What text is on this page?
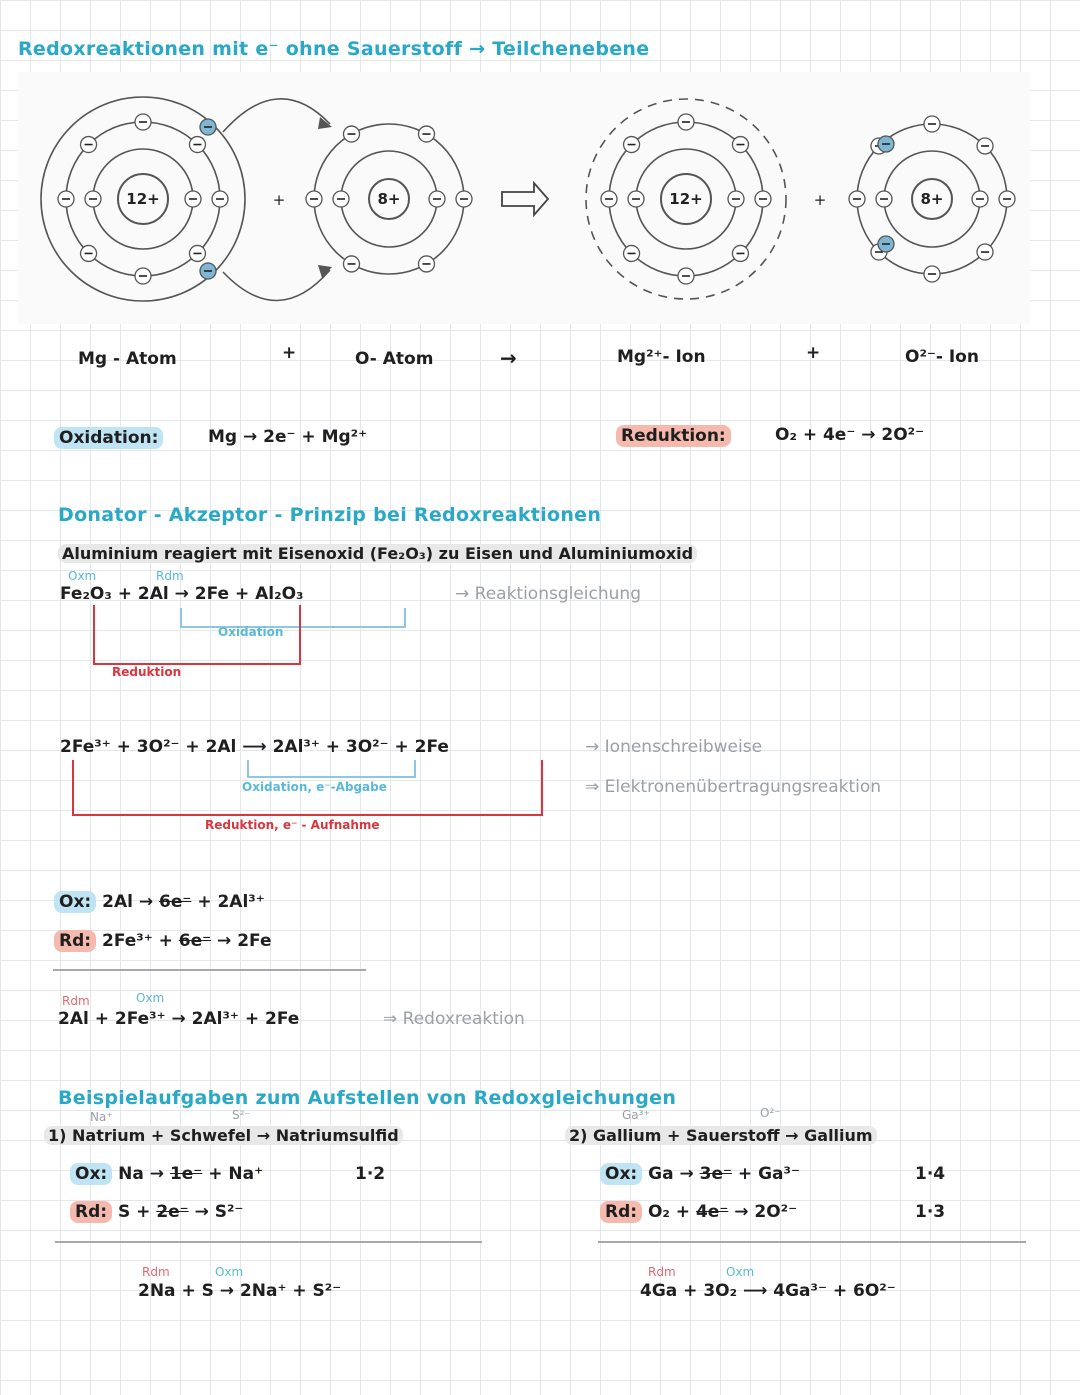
Redoxreaktionen mit e⁻ ohne Sauerstoff → Teilchenebene
12+	8+	12+	8+
+	+
Mg - Atom	+	O- Atom	→	Mg²⁺- Ion	+	O²⁻- Ion
Oxidation:	Mg → 2e⁻ + Mg²⁺	Reduktion:	O₂ + 4e⁻ → 2O²⁻
Donator - Akzeptor - Prinzip bei Redoxreaktionen
Aluminium reagiert mit Eisenoxid (Fe₂O₃) zu Eisen und Aluminiumoxid
Oxm	Rdm
Fe₂O₃ + 2Al → 2Fe + Al₂O₃	→ Reaktionsgleichung
Oxidation
Reduktion
2Fe³⁺ + 3O²⁻ + 2Al ⟶ 2Al³⁺ + 3O²⁻ + 2Fe	→ Ionenschreibweise
⇒ Elektronenübertragungsreaktion
Oxidation, e⁻-Abgabe
Reduktion, e⁻ - Aufnahme
Ox: 2Al → 6e⁻ + 2Al³⁺
Rd: 2Fe³⁺ + 6e⁻ → 2Fe
Rdm	Oxm
2Al + 2Fe³⁺ → 2Al³⁺ + 2Fe	⇒ Redoxreaktion
Beispielaufgaben zum Aufstellen von Redoxgleichungen
Na⁺	S²⁻
1) Natrium + Schwefel → Natriumsulfid
Ox: Na → 1e⁻ + Na⁺	1·2
Rd: S + 2e⁻ → S²⁻
Rdm	Oxm
2Na + S → 2Na⁺ + S²⁻
Ga³⁺	O²⁻
2) Gallium + Sauerstoff → Gallium
Ox: Ga → 3e⁻ + Ga³⁻	1·4
Rd: O₂ + 4e⁻ → 2O²⁻	1·3
Rdm	Oxm
4Ga + 3O₂ ⟶ 4Ga³⁻ + 6O²⁻
